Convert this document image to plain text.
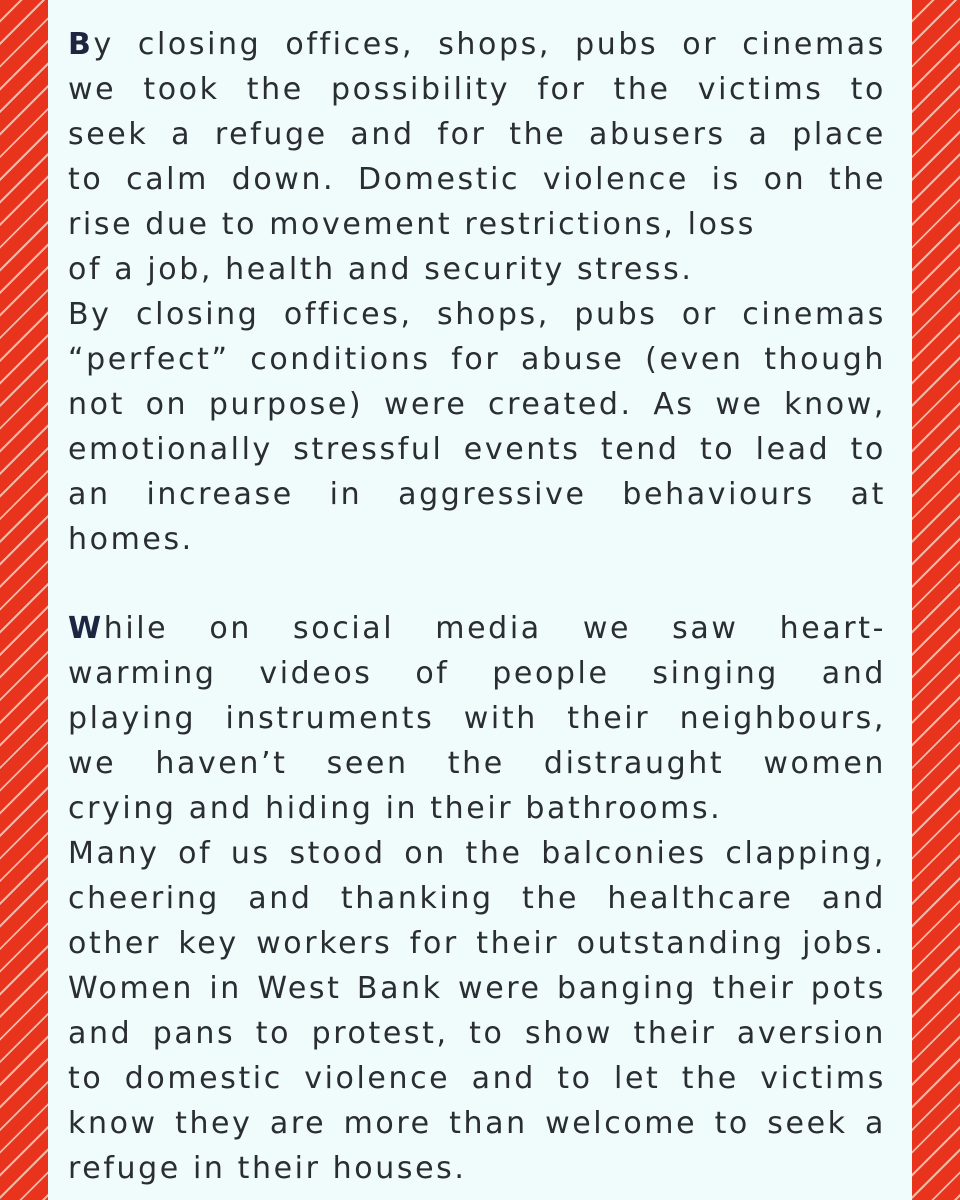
By closing offices, shops, pubs or cinemas
we took the possibility for the victims to
seek a refuge and for the abusers a place
to calm down. Domestic violence is on the
rise due to movement restrictions, loss
of a job, health and security stress.
By closing offices, shops, pubs or cinemas
“perfect” conditions for abuse (even though
not on purpose) were created. As we know,
emotionally stressful events tend to lead to
an increase in aggressive behaviours at
homes.
While on social media we saw heart-
warming videos of people singing and
playing instruments with their neighbours,
we haven’t seen the distraught women
crying and hiding in their bathrooms.
Many of us stood on the balconies clapping,
cheering and thanking the healthcare and
other key workers for their outstanding jobs.
Women in West Bank were banging their pots
and pans to protest, to show their aversion
to domestic violence and to let the victims
know they are more than welcome to seek a
refuge in their houses.
